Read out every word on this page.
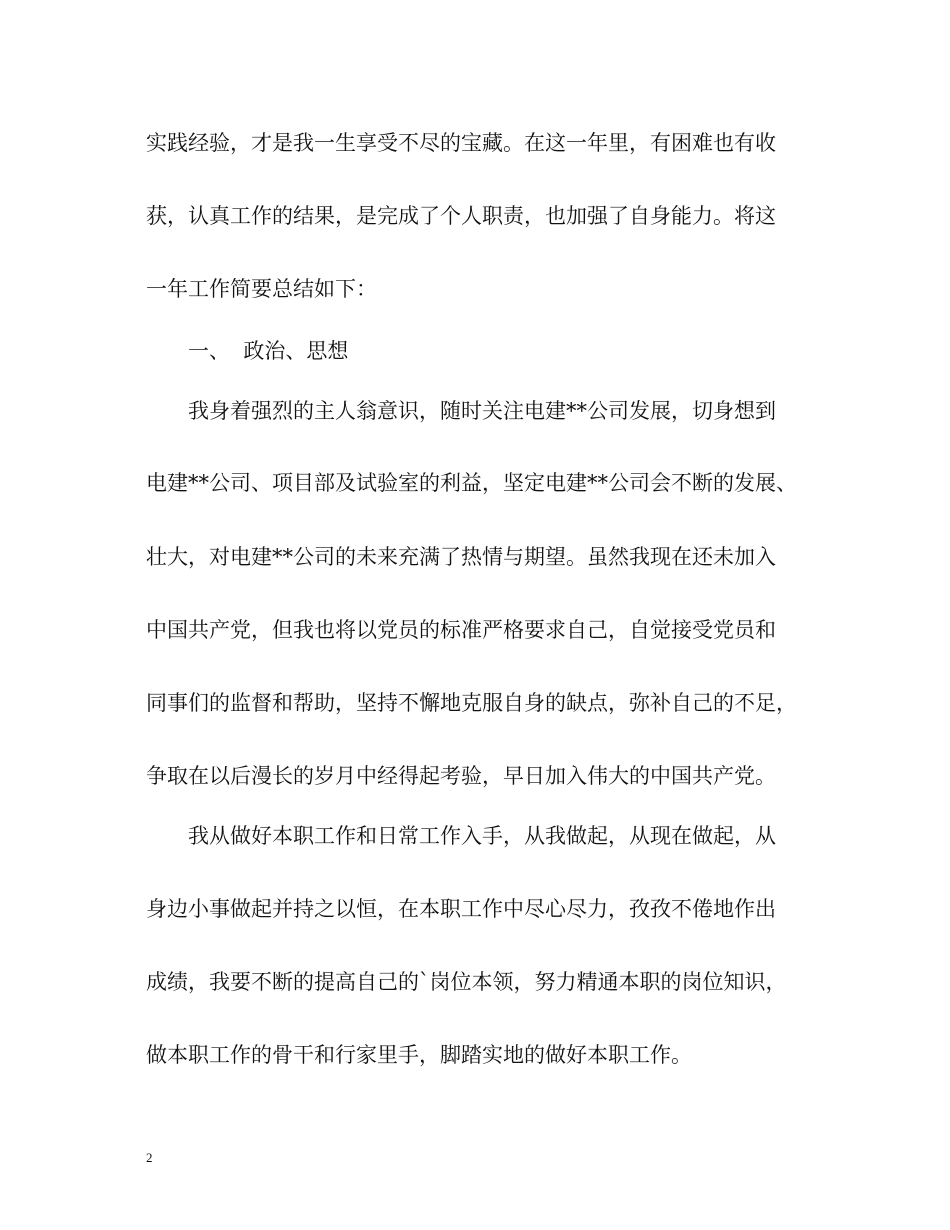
实践经验，才是我一生享受不尽的宝藏。在这一年里，有困难也有收
获，认真工作的结果，是完成了个人职责，也加强了自身能力。将这
一年工作简要总结如下：
一、  政治、思想
我身着强烈的主人翁意识，随时关注电建**公司发展，切身想到
电建**公司、项目部及试验室的利益，坚定电建**公司会不断的发展、
壮大，对电建**公司的未来充满了热情与期望。虽然我现在还未加入
中国共产党，但我也将以党员的标准严格要求自己，自觉接受党员和
同事们的监督和帮助，坚持不懈地克服自身的缺点，弥补自己的不足，
争取在以后漫长的岁月中经得起考验，早日加入伟大的中国共产党。
我从做好本职工作和日常工作入手，从我做起，从现在做起，从
身边小事做起并持之以恒，在本职工作中尽心尽力，孜孜不倦地作出
成绩，我要不断的提高自己的`岗位本领，努力精通本职的岗位知识，
做本职工作的骨干和行家里手，脚踏实地的做好本职工作。
2
